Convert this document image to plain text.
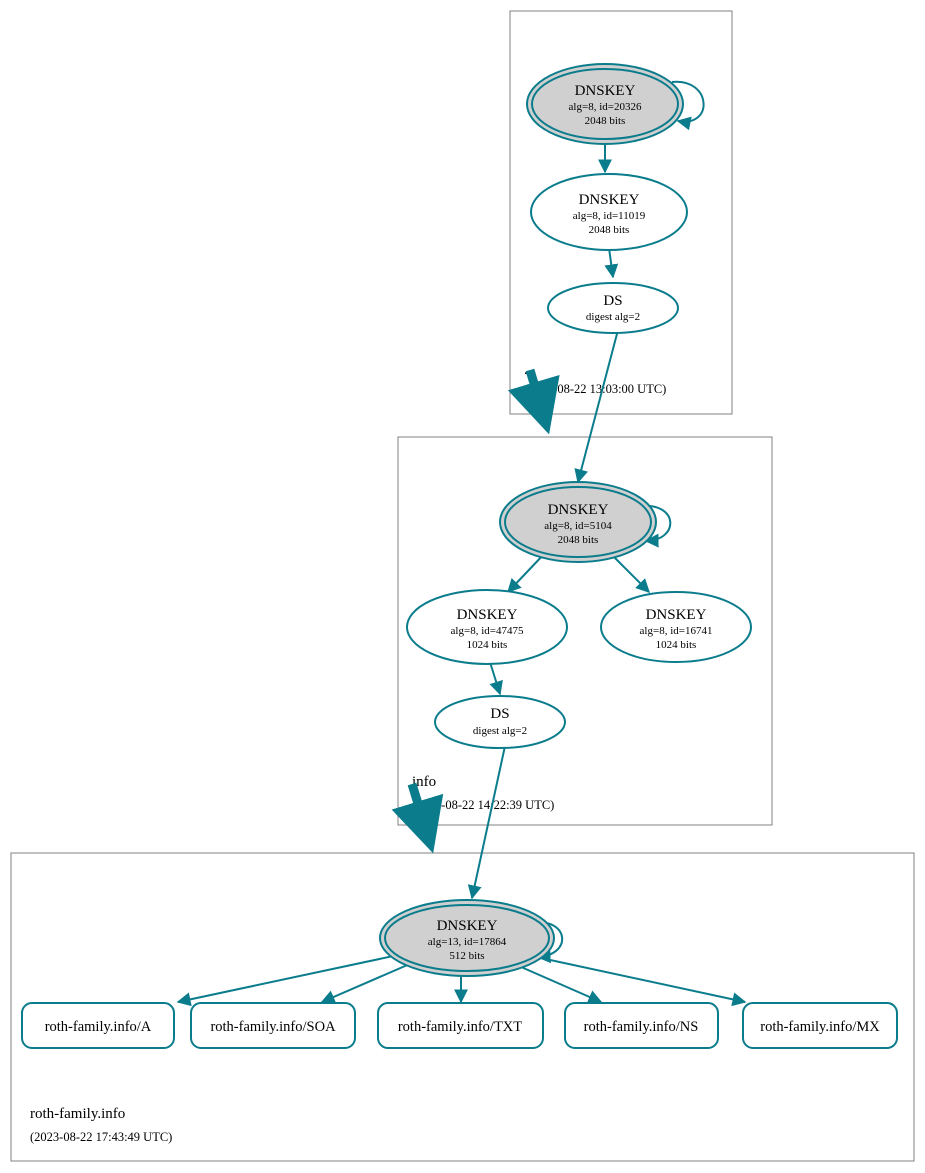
.
(2023-08-22 13:03:00 UTC)
info
(2023-08-22 14:22:39 UTC)
roth-family.info
(2023-08-22 17:43:49 UTC)
DNSKEY
alg=8, id=20326
2048 bits
DNSKEY
alg=8, id=11019
2048 bits
DS
digest alg=2
DNSKEY
alg=8, id=5104
2048 bits
DNSKEY
alg=8, id=47475
1024 bits
DNSKEY
alg=8, id=16741
1024 bits
DS
digest alg=2
DNSKEY
alg=13, id=17864
512 bits
roth-family.info/A	roth-family.info/SOA	roth-family.info/TXT	roth-family.info/NS	roth-family.info/MX
